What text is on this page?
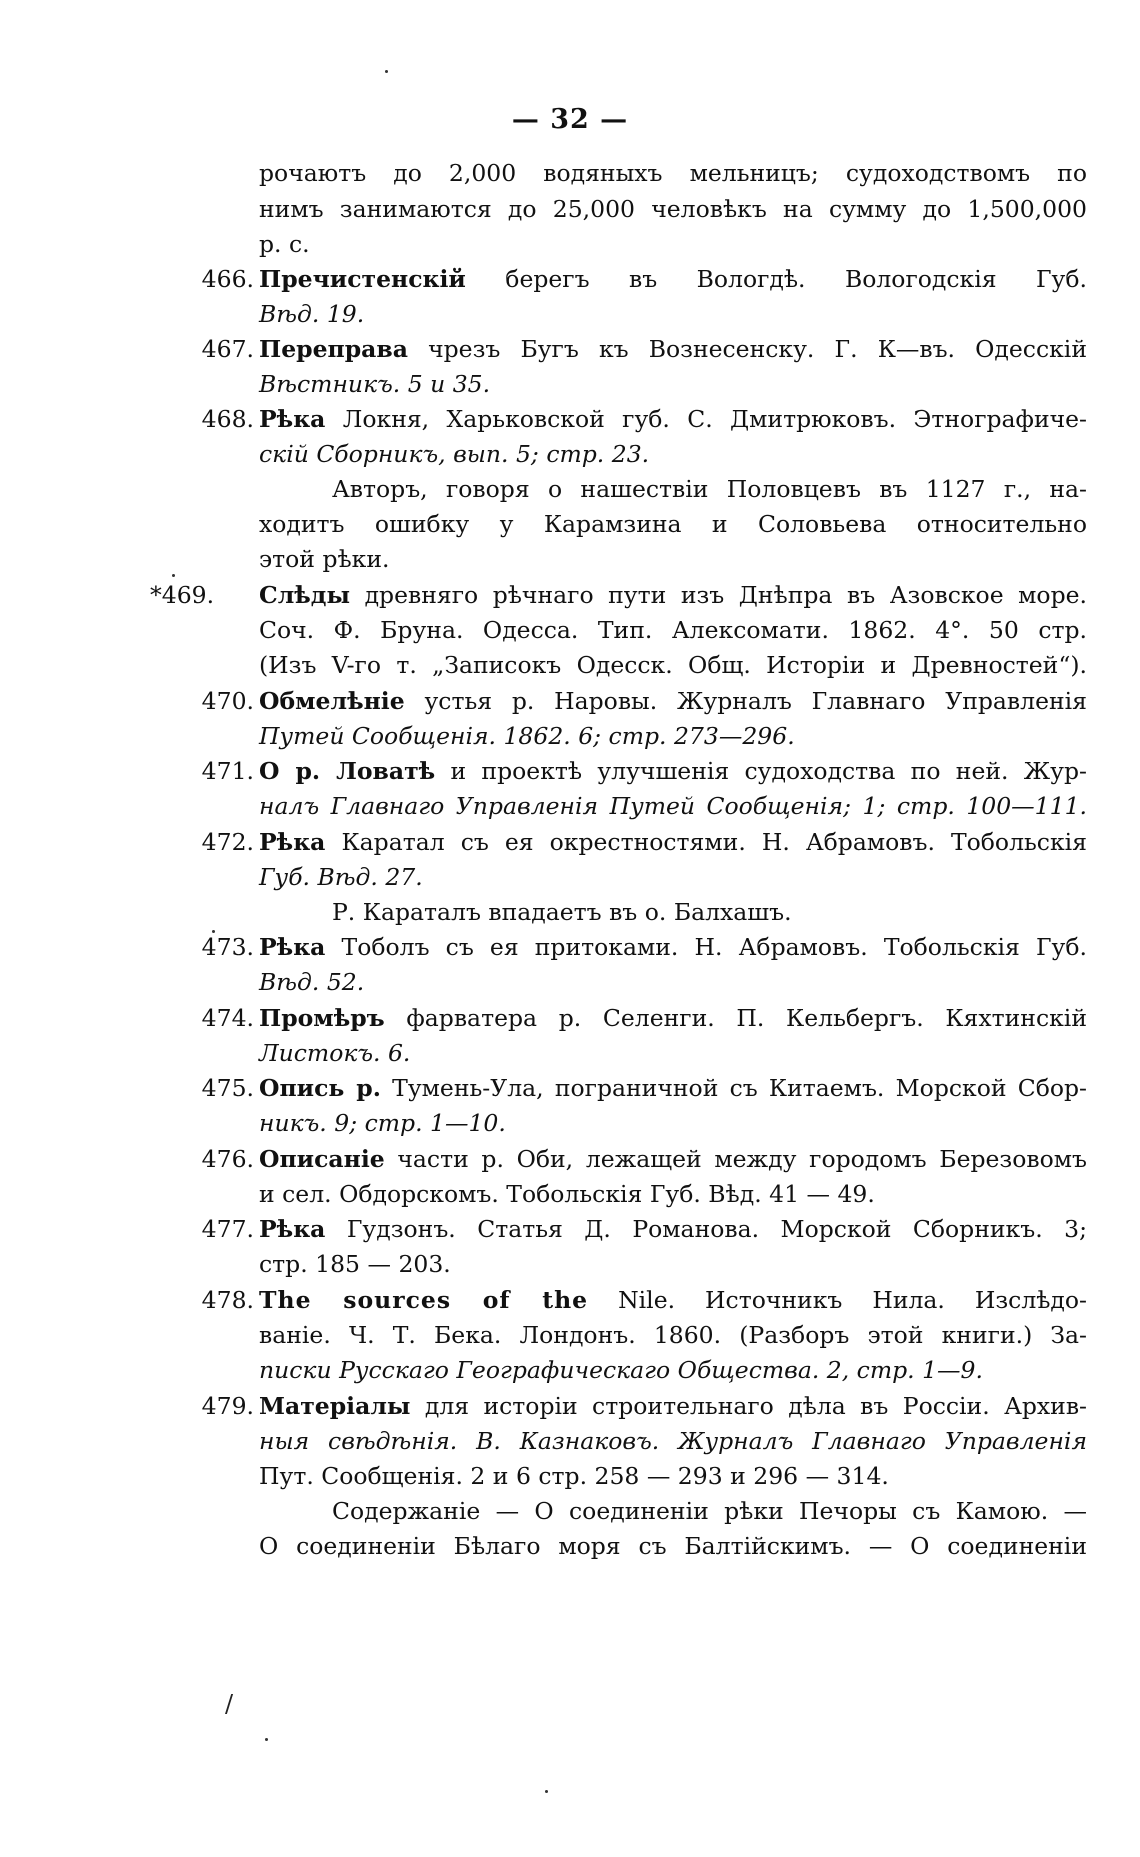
— 32 —
рочаютъ до 2,000 водяныхъ мельницъ; судоходствомъ по
нимъ занимаются до 25,000 человѣкъ на сумму до 1,500,000
р. с.
466. Пречистенскій берегъ въ Вологдѣ. Вологодскія Губ.
Вѣд. 19.
467. Переправа чрезъ Бугъ къ Вознесенску. Г. К—въ. Одесскій
Вѣстникъ. 5 и 35.
468. Рѣка Локня, Харьковской губ. С. Дмитрюковъ. Этнографиче-
скій Сборникъ, вып. 5; стр. 23.
Авторъ, говоря о нашествіи Половцевъ въ 1127 г., на-
ходитъ ошибку у Карамзина и Соловьева относительно
этой рѣки.
*469. Слѣды древняго рѣчнаго пути изъ Днѣпра въ Азовское море.
Соч. Ф. Бруна. Одесса. Тип. Алексомати. 1862. 4°. 50 стр.
(Изъ V-го т. „Записокъ Одесск. Общ. Исторіи и Древностей“).
470. Обмелѣніе устья р. Наровы. Журналъ Главнаго Управленія
Путей Сообщенія. 1862. 6; стр. 273—296.
471. О р. Ловатѣ и проектѣ улучшенія судоходства по ней. Жур-
налъ Главнаго Управленія Путей Сообщенія; 1; стр. 100—111.
472. Рѣка Каратал съ ея окрестностями. Н. Абрамовъ. Тобольскія
Губ. Вѣд. 27.
Р. Караталъ впадаетъ въ о. Балхашъ.
473. Рѣка Тоболъ съ ея притоками. Н. Абрамовъ. Тобольскія Губ.
Вѣд. 52.
474. Промѣръ фарватера р. Селенги. П. Кельбергъ. Кяхтинскій
Листокъ. 6.
475. Опись р. Тумень-Ула, пограничной съ Китаемъ. Морской Сбор-
никъ. 9; стр. 1—10.
476. Описаніе части р. Оби, лежащей между городомъ Березовомъ
и сел. Обдорскомъ. Тобольскія Губ. Вѣд. 41 — 49.
477. Рѣка Гудзонъ. Статья Д. Романова. Морской Сборникъ. 3;
стр. 185 — 203.
478. The sources of the Nile. Источникъ Нила. Изслѣдо-
ваніе. Ч. Т. Бека. Лондонъ. 1860. (Разборъ этой книги.) За-
писки Русскаго Географическаго Общества. 2, стр. 1—9.
479. Матеріалы для исторіи строительнаго дѣла въ Россіи. Архив-
ныя свѣдѣнія. В. Казнаковъ. Журналъ Главнаго Управленія
Пут. Сообщенія. 2 и 6 стр. 258 — 293 и 296 — 314.
Содержаніе — О соединеніи рѣки Печоры съ Камою. —
О соединеніи Бѣлаго моря съ Балтійскимъ. — О соединеніи
/
